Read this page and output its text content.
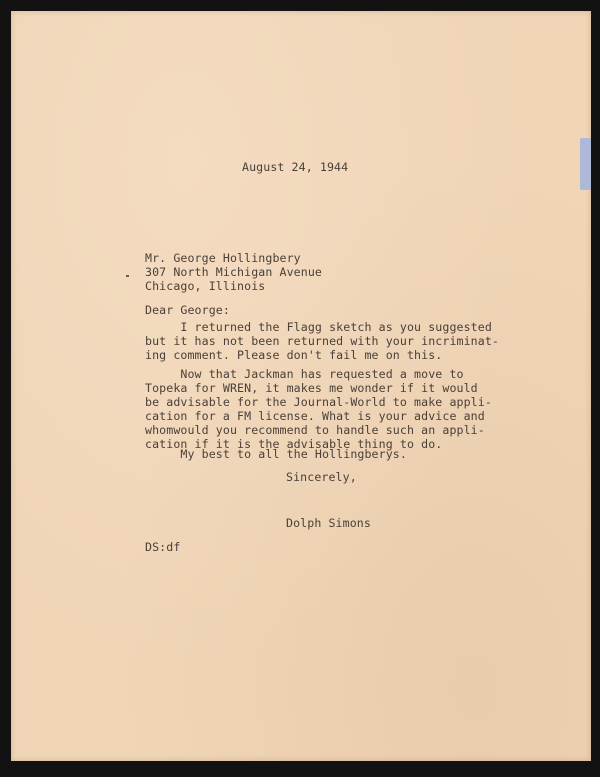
August 24, 1944

Mr. George Hollingbery
307 North Michigan Avenue
Chicago, Illinois

Dear George:

I returned the Flagg sketch as you suggested
but it has not been returned with your incriminat-
ing comment. Please don't fail me on this.
Now that Jackman has requested a move to
Topeka for WREN, it makes me wonder if it would
be advisable for the Journal-World to make appli-
cation for a FM license. What is your advice and
whomwould you recommend to handle such an appli-
cation if it is the advisable thing to do.
My best to all the Hollingberys.

Sincerely,

Dolph Simons

DS:df
